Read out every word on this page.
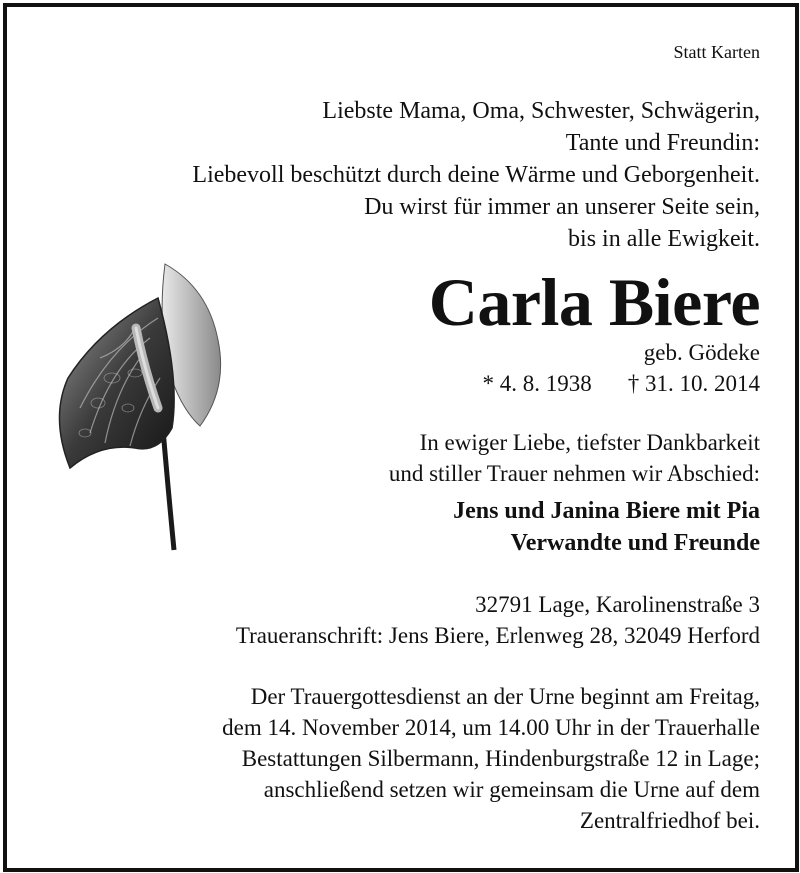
Statt Karten
Liebste Mama, Oma, Schwester, Schwägerin,
Tante und Freundin:
Liebevoll beschützt durch deine Wärme und Geborgenheit.
Du wirst für immer an unserer Seite sein,
bis in alle Ewigkeit.
Carla Biere
geb. Gödeke
* 4. 8. 1938 † 31. 10. 2014
In ewiger Liebe, tiefster Dankbarkeit
und stiller Trauer nehmen wir Abschied:
Jens und Janina Biere mit Pia
Verwandte und Freunde
32791 Lage, Karolinenstraße 3
Traueranschrift: Jens Biere, Erlenweg 28, 32049 Herford
Der Trauergottesdienst an der Urne beginnt am Freitag,
dem 14. November 2014, um 14.00 Uhr in der Trauerhalle
Bestattungen Silbermann, Hindenburgstraße 12 in Lage;
anschließend setzen wir gemeinsam die Urne auf dem
Zentralfriedhof bei.
